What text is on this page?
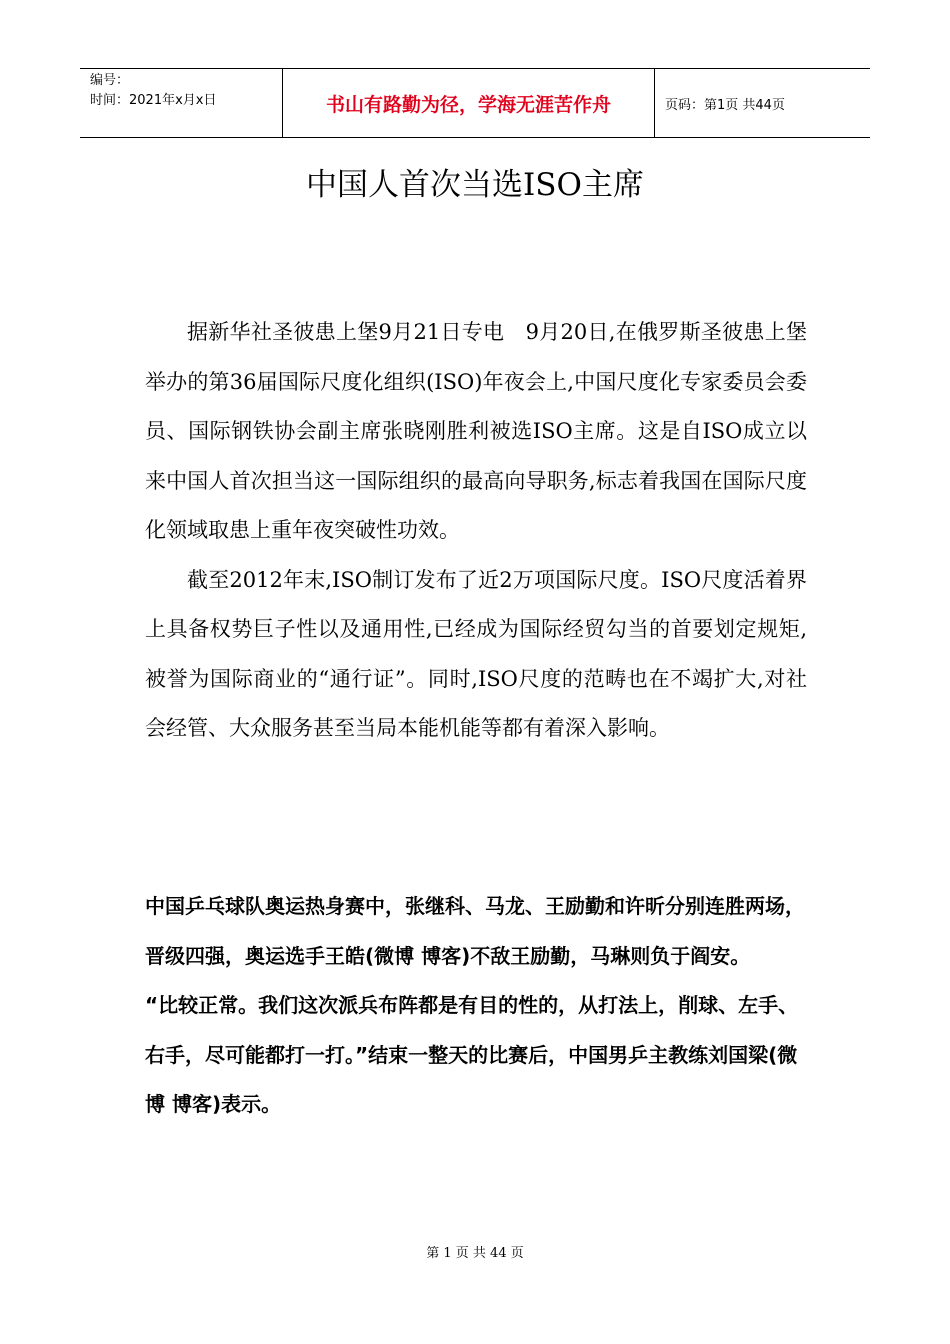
编号：
时间：2021年x月x日	书山有路勤为径，学海无涯苦作舟	页码：第1页 共44页
中国人首次当选ISO主席

据新华社圣彼患上堡9月21日专电　9月20日,在俄罗斯圣彼患上堡举办的第36届国际尺度化组织(ISO)年夜会上,中国尺度化专家委员会委员、国际钢铁协会副主席张晓刚胜利被选ISO主席。这是自ISO成立以来中国人首次担当这一国际组织的最高向导职务,标志着我国在国际尺度化领域取患上重年夜突破性功效。

截至2012年末,ISO制订发布了近2万项国际尺度。ISO尺度活着界上具备权势巨子性以及通用性,已经成为国际经贸勾当的首要划定规矩,被誉为国际商业的“通行证”。同时,ISO尺度的范畴也在不竭扩大,对社会经管、大众服务甚至当局本能机能等都有着深入影响。

中国乒乓球队奥运热身赛中，张继科、马龙、王励勤和许昕分别连胜两场，晋级四强，奥运选手王皓(微博 博客)不敌王励勤，马琳则负于阎安。

“比较正常。我们这次派兵布阵都是有目的性的，从打法上，削球、左手、右手，尽可能都打一打。”结束一整天的比赛后，中国男乒主教练刘国梁(微博 博客)表示。

第 1 页 共 44 页
